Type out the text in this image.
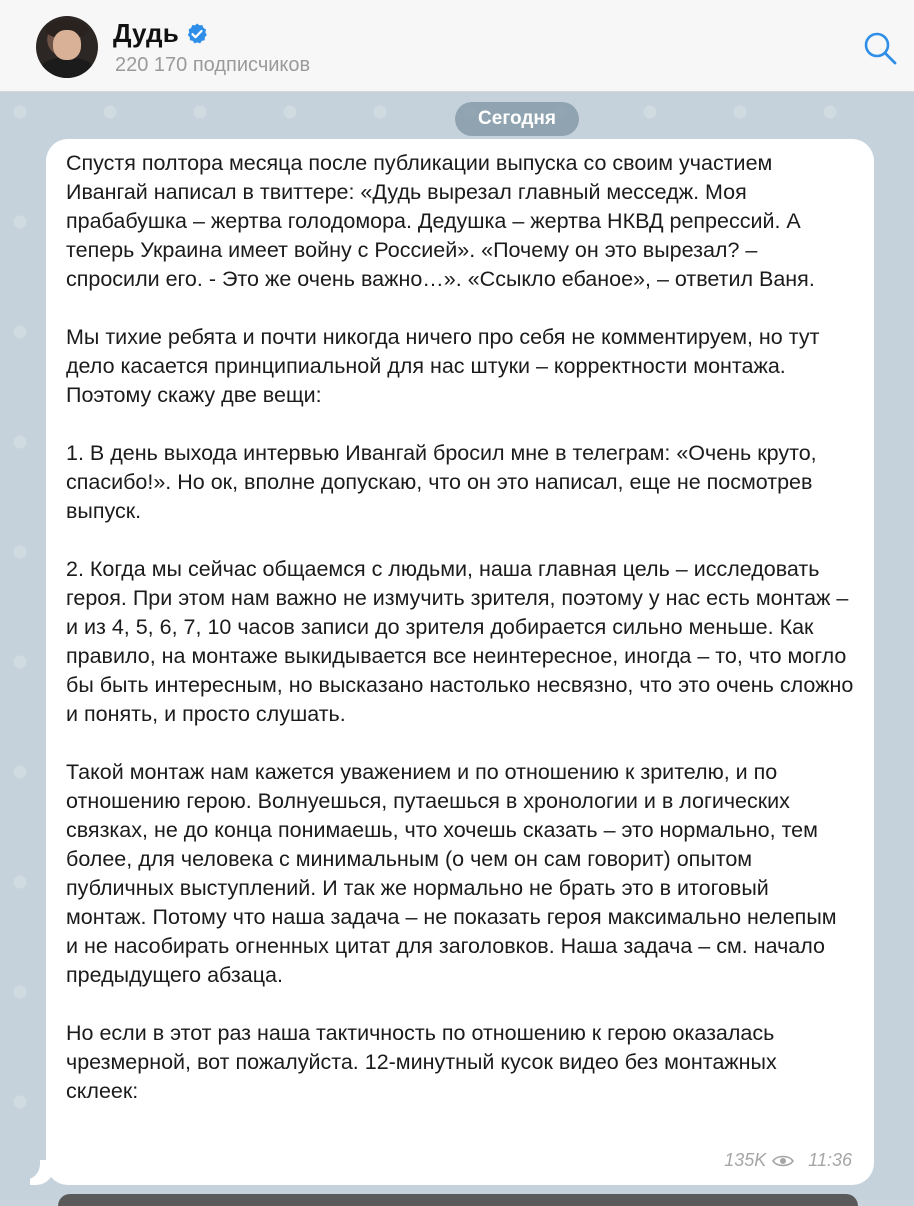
Дудь
220 170 подписчиков
Сегодня

Спустя полтора месяца после публикации выпуска со своим участием Ивангай написал в твиттере: «Дудь вырезал главный месседж. Моя прабабушка – жертва голодомора. Дедушка – жертва НКВД репрессий. А теперь Украина имеет войну с Россией». «Почему он это вырезал? – спросили его. - Это же очень важно…». «Ссыкло ебаное», – ответил Ваня.

Мы тихие ребята и почти никогда ничего про себя не комментируем, но тут дело касается принципиальной для нас штуки – корректности монтажа. Поэтому скажу две вещи:

1. В день выхода интервью Ивангай бросил мне в телеграм: «Очень круто, спасибо!». Но ок, вполне допускаю, что он это написал, еще не посмотрев выпуск.

2. Когда мы сейчас общаемся с людьми, наша главная цель – исследовать героя. При этом нам важно не измучить зрителя, поэтому у нас есть монтаж – и из 4, 5, 6, 7, 10 часов записи до зрителя добирается сильно меньше. Как правило, на монтаже выкидывается все неинтересное, иногда – то, что могло бы быть интересным, но высказано настолько несвязно, что это очень сложно и понять, и просто слушать.

Такой монтаж нам кажется уважением и по отношению к зрителю, и по отношению герою. Волнуешься, путаешься в хронологии и в логических связках, не до конца понимаешь, что хочешь сказать – это нормально, тем более, для человека с минимальным (о чем он сам говорит) опытом публичных выступлений. И так же нормально не брать это в итоговый монтаж. Потому что наша задача – не показать героя максимально нелепым и не насобирать огненных цитат для заголовков. Наша задача – см. начало предыдущего абзаца.

Но если в этот раз наша тактичность по отношению к герою оказалась чрезмерной, вот пожалуйста. 12-минутный кусок видео без монтажных склеек:

135K 11:36
